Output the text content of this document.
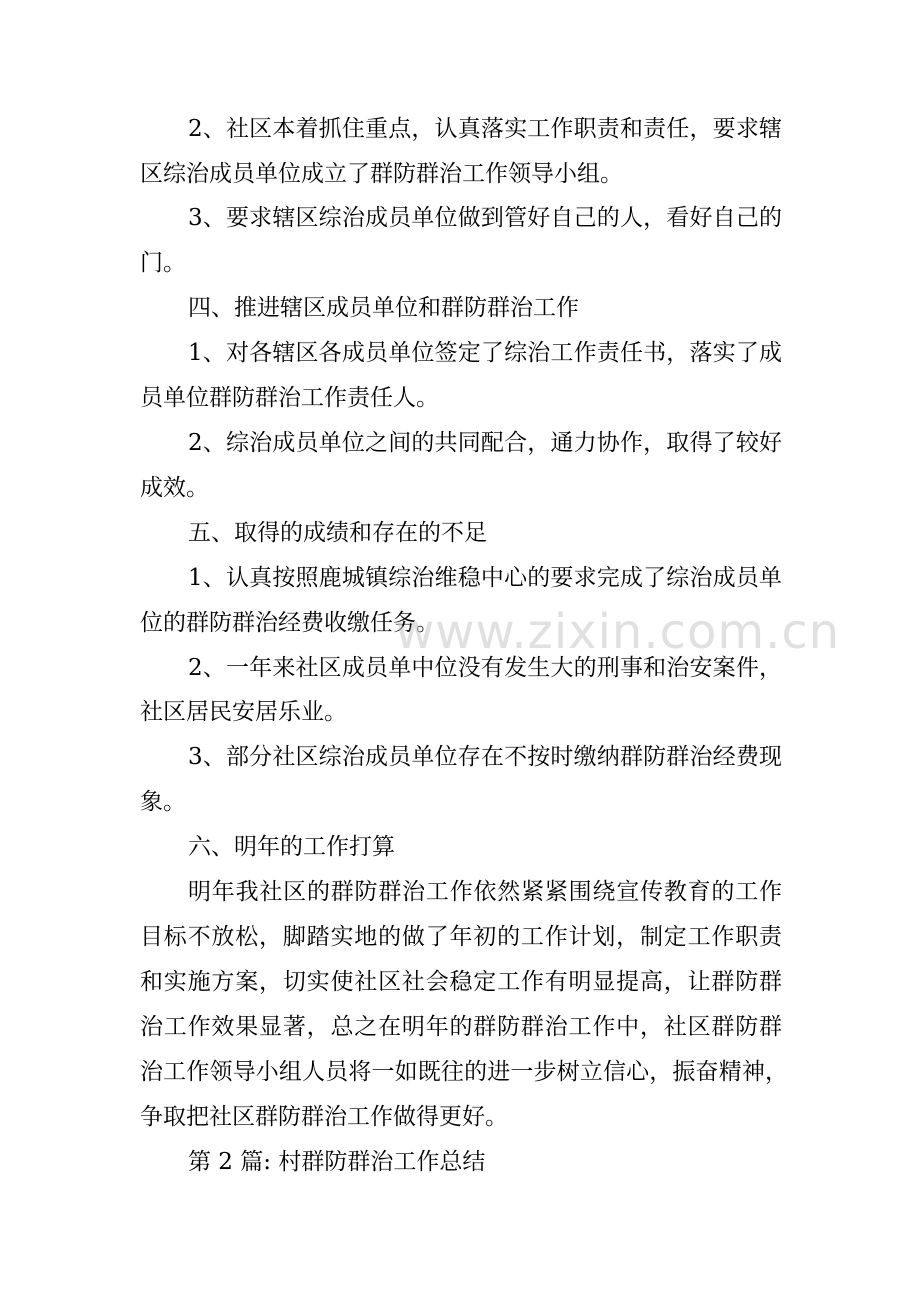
2、社区本着抓住重点，认真落实工作职责和责任，要求辖
区综治成员单位成立了群防群治工作领导小组。
3、要求辖区综治成员单位做到管好自己的人，看好自己的
门。
四、推进辖区成员单位和群防群治工作
1、对各辖区各成员单位签定了综治工作责任书，落实了成
员单位群防群治工作责任人。
2、综治成员单位之间的共同配合，通力协作，取得了较好
成效。
五、取得的成绩和存在的不足
1、认真按照鹿城镇综治维稳中心的要求完成了综治成员单
位的群防群治经费收缴任务。
2、一年来社区成员单中位没有发生大的刑事和治安案件，
社区居民安居乐业。
3、部分社区综治成员单位存在不按时缴纳群防群治经费现
象。
六、明年的工作打算
明年我社区的群防群治工作依然紧紧围绕宣传教育的工作
目标不放松，脚踏实地的做了年初的工作计划，制定工作职责
和实施方案，切实使社区社会稳定工作有明显提高，让群防群
治工作效果显著，总之在明年的群防群治工作中，社区群防群
治工作领导小组人员将一如既往的进一步树立信心，振奋精神，
争取把社区群防群治工作做得更好。
第 2 篇: 村群防群治工作总结
www.zixin.com.cn
